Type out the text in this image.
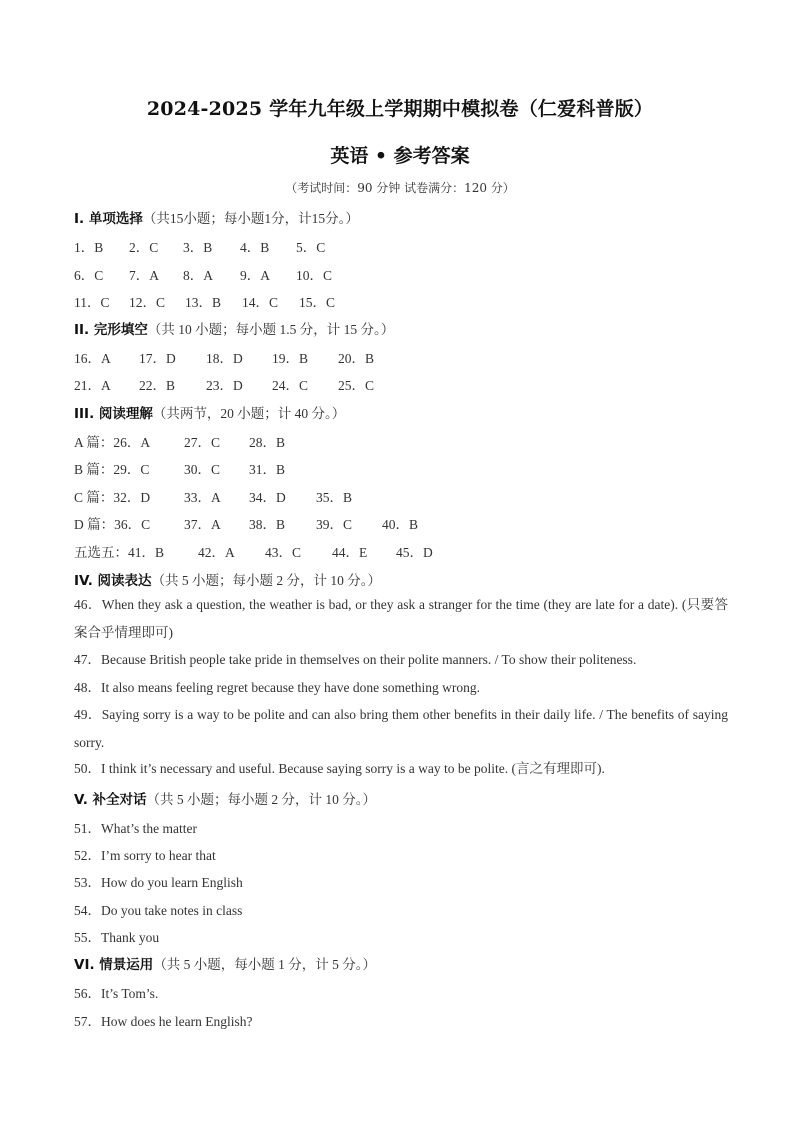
2024-2025 学年九年级上学期期中模拟卷（仁爱科普版）
英语 • 参考答案
（考试时间：90 分钟 试卷满分：120 分）
I. 单项选择（共15小题；每小题1分，计15分。）
1．B 2．C 3．B 4．B 5．C
6．C 7．A 8．A 9．A 10．C
11．C 12．C 13．B 14．C 15．C
II. 完形填空（共 10 小题；每小题 1.5 分，计 15 分。）
16．A 17．D 18．D 19．B 20．B
21．A 22．B 23．D 24．C 25．C
III. 阅读理解（共两节，20 小题；计 40 分。）
A 篇：26．A	27．C 28．B
B 篇：29．C	30．C 31．B
C 篇：32．D	33．A 34．D 35．B
D 篇：36．C	37．A 38．B 39．C 40．B
五选五：41．B	42．A 43．C 44．E 45．D
IV. 阅读表达（共 5 小题；每小题 2 分，计 10 分。）
46．When they ask a question, the weather is bad, or they ask a stranger for the time (they are late for a date). (只要答案合乎情理即可)
47．Because British people take pride in themselves on their polite manners. / To show their politeness.
48．It also means feeling regret because they have done something wrong.
49．Saying sorry is a way to be polite and can also bring them other benefits in their daily life. / The benefits of saying sorry.
50．I think it’s necessary and useful. Because saying sorry is a way to be polite. (言之有理即可).
V. 补全对话（共 5 小题；每小题 2 分，计 10 分。）
51．What’s the matter
52．I’m sorry to hear that
53．How do you learn English
54．Do you take notes in class
55．Thank you
VI. 情景运用（共 5 小题，每小题 1 分，计 5 分。）
56．It’s Tom’s.
57．How does he learn English?
